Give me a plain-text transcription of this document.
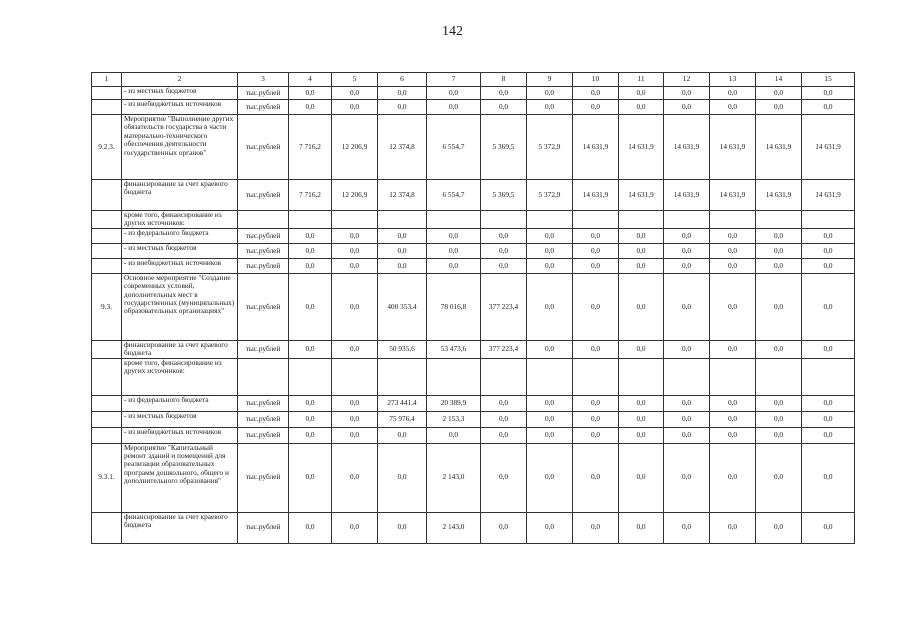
142
1	2	3	4	5	6	7	8	9	10	11	12	13	14	15
	- из местных бюджетов	тыс.рублей	0,0	0,0	0,0	0,0	0,0	0,0	0,0	0,0	0,0	0,0	0,0	0,0
	- из внебюджетных источников	тыс.рублей	0,0	0,0	0,0	0,0	0,0	0,0	0,0	0,0	0,0	0,0	0,0	0,0
9.2.3.	Мероприятие "Выполнение других обязательств государства в части материально-технического обеспечения деятельности государственных органов"	тыс.рублей	7 716,2	12 206,9	12 374,8	6 554,7	5 369,5	5 372,9	14 631,9	14 631,9	14 631,9	14 631,9	14 631,9	14 631,9
	финансирование за счет краевого бюджета	тыс.рублей	7 716,2	12 206,9	12 374,8	6 554,7	5 369,5	5 372,9	14 631,9	14 631,9	14 631,9	14 631,9	14 631,9	14 631,9
	кроме того, финансирование из других источников:													
	- из федерального бюджета	тыс.рублей	0,0	0,0	0,0	0,0	0,0	0,0	0,0	0,0	0,0	0,0	0,0	0,0
	- из местных бюджетов	тыс.рублей	0,0	0,0	0,0	0,0	0,0	0,0	0,0	0,0	0,0	0,0	0,0	0,0
	- из внебюджетных источников	тыс.рублей	0,0	0,0	0,0	0,0	0,0	0,0	0,0	0,0	0,0	0,0	0,0	0,0
9.3.	Основное мероприятие "Создание современных условий, дополнительных мест в государственных (муниципальных) образовательных организациях"	тыс.рублей	0,0	0,0	400 353,4	78 016,8	377 223,4	0,0	0,0	0,0	0,0	0,0	0,0	0,0
	финансирование за счет краевого бюджета	тыс.рублей	0,0	0,0	50 935,6	53 473,6	377 223,4	0,0	0,0	0,0	0,0	0,0	0,0	0,0
	кроме того, финансирование из других источников:													
	- из федерального бюджета	тыс.рублей	0,0	0,0	273 441,4	20 389,9	0,0	0,0	0,0	0,0	0,0	0,0	0,0	0,0
	- из местных бюджетов	тыс.рублей	0,0	0,0	75 976,4	2 153,3	0,0	0,0	0,0	0,0	0,0	0,0	0,0	0,0
	- из внебюджетных источников	тыс.рублей	0,0	0,0	0,0	0,0	0,0	0,0	0,0	0,0	0,0	0,0	0,0	0,0
9.3.1.	Мероприятие "Капитальный ремонт зданий и помещений для реализации образовательных программ дошкольного, общего и дополнительного образования"	тыс.рублей	0,0	0,0	0,0	2 143,0	0,0	0,0	0,0	0,0	0,0	0,0	0,0	0,0
	финансирование за счет краевого бюджета	тыс.рублей	0,0	0,0	0,0	2 143,0	0,0	0,0	0,0	0,0	0,0	0,0	0,0	0,0
